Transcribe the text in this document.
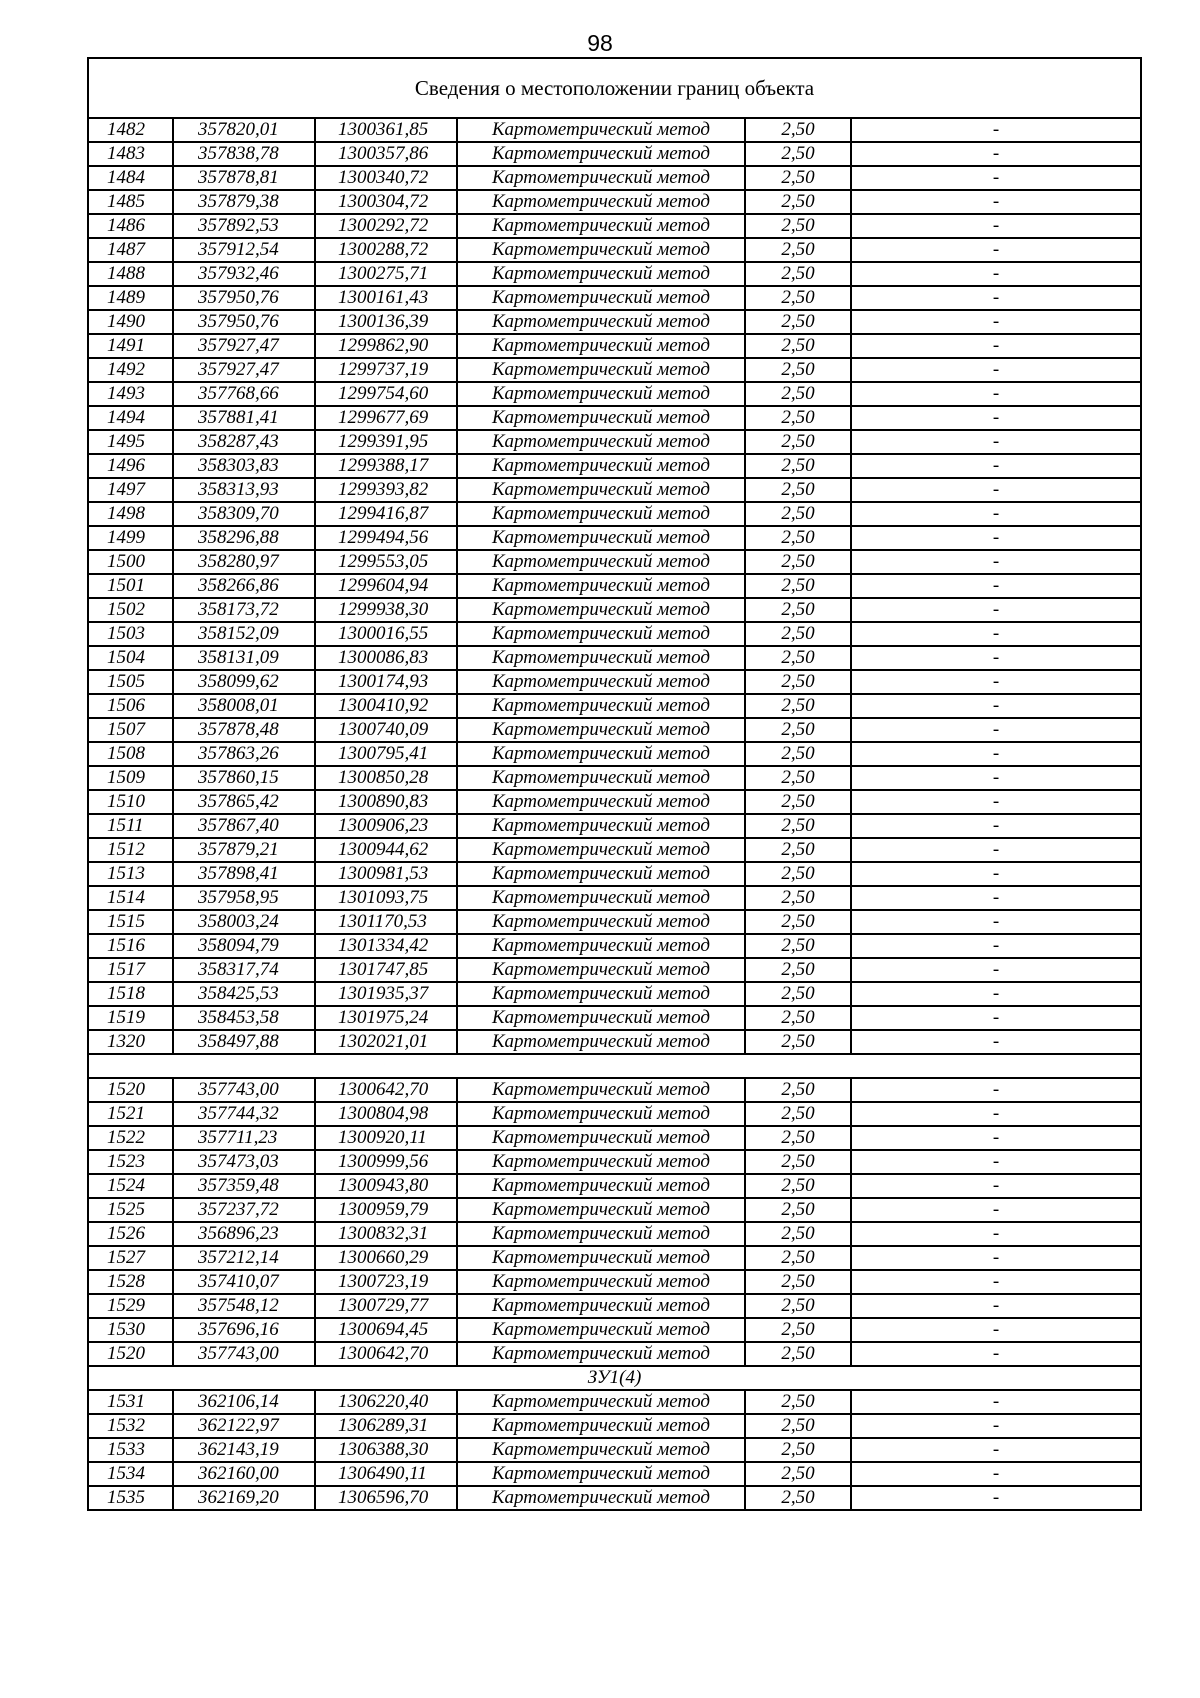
98
Сведения о местоположении границ объекта					
1482	357820,01	1300361,85	Картометрический метод	2,50	-
1483	357838,78	1300357,86	Картометрический метод	2,50	-
1484	357878,81	1300340,72	Картометрический метод	2,50	-
1485	357879,38	1300304,72	Картометрический метод	2,50	-
1486	357892,53	1300292,72	Картометрический метод	2,50	-
1487	357912,54	1300288,72	Картометрический метод	2,50	-
1488	357932,46	1300275,71	Картометрический метод	2,50	-
1489	357950,76	1300161,43	Картометрический метод	2,50	-
1490	357950,76	1300136,39	Картометрический метод	2,50	-
1491	357927,47	1299862,90	Картометрический метод	2,50	-
1492	357927,47	1299737,19	Картометрический метод	2,50	-
1493	357768,66	1299754,60	Картометрический метод	2,50	-
1494	357881,41	1299677,69	Картометрический метод	2,50	-
1495	358287,43	1299391,95	Картометрический метод	2,50	-
1496	358303,83	1299388,17	Картометрический метод	2,50	-
1497	358313,93	1299393,82	Картометрический метод	2,50	-
1498	358309,70	1299416,87	Картометрический метод	2,50	-
1499	358296,88	1299494,56	Картометрический метод	2,50	-
1500	358280,97	1299553,05	Картометрический метод	2,50	-
1501	358266,86	1299604,94	Картометрический метод	2,50	-
1502	358173,72	1299938,30	Картометрический метод	2,50	-
1503	358152,09	1300016,55	Картометрический метод	2,50	-
1504	358131,09	1300086,83	Картометрический метод	2,50	-
1505	358099,62	1300174,93	Картометрический метод	2,50	-
1506	358008,01	1300410,92	Картометрический метод	2,50	-
1507	357878,48	1300740,09	Картометрический метод	2,50	-
1508	357863,26	1300795,41	Картометрический метод	2,50	-
1509	357860,15	1300850,28	Картометрический метод	2,50	-
1510	357865,42	1300890,83	Картометрический метод	2,50	-
1511	357867,40	1300906,23	Картометрический метод	2,50	-
1512	357879,21	1300944,62	Картометрический метод	2,50	-
1513	357898,41	1300981,53	Картометрический метод	2,50	-
1514	357958,95	1301093,75	Картометрический метод	2,50	-
1515	358003,24	1301170,53	Картометрический метод	2,50	-
1516	358094,79	1301334,42	Картометрический метод	2,50	-
1517	358317,74	1301747,85	Картометрический метод	2,50	-
1518	358425,53	1301935,37	Картометрический метод	2,50	-
1519	358453,58	1301975,24	Картометрический метод	2,50	-
1320	358497,88	1302021,01	Картометрический метод	2,50	-

1520	357743,00	1300642,70	Картометрический метод	2,50	-
1521	357744,32	1300804,98	Картометрический метод	2,50	-
1522	357711,23	1300920,11	Картометрический метод	2,50	-
1523	357473,03	1300999,56	Картометрический метод	2,50	-
1524	357359,48	1300943,80	Картометрический метод	2,50	-
1525	357237,72	1300959,79	Картометрический метод	2,50	-
1526	356896,23	1300832,31	Картометрический метод	2,50	-
1527	357212,14	1300660,29	Картометрический метод	2,50	-
1528	357410,07	1300723,19	Картометрический метод	2,50	-
1529	357548,12	1300729,77	Картометрический метод	2,50	-
1530	357696,16	1300694,45	Картометрический метод	2,50	-
1520	357743,00	1300642,70	Картометрический метод	2,50	-
ЗУ1(4)					
1531	362106,14	1306220,40	Картометрический метод	2,50	-
1532	362122,97	1306289,31	Картометрический метод	2,50	-
1533	362143,19	1306388,30	Картометрический метод	2,50	-
1534	362160,00	1306490,11	Картометрический метод	2,50	-
1535	362169,20	1306596,70	Картометрический метод	2,50	-
